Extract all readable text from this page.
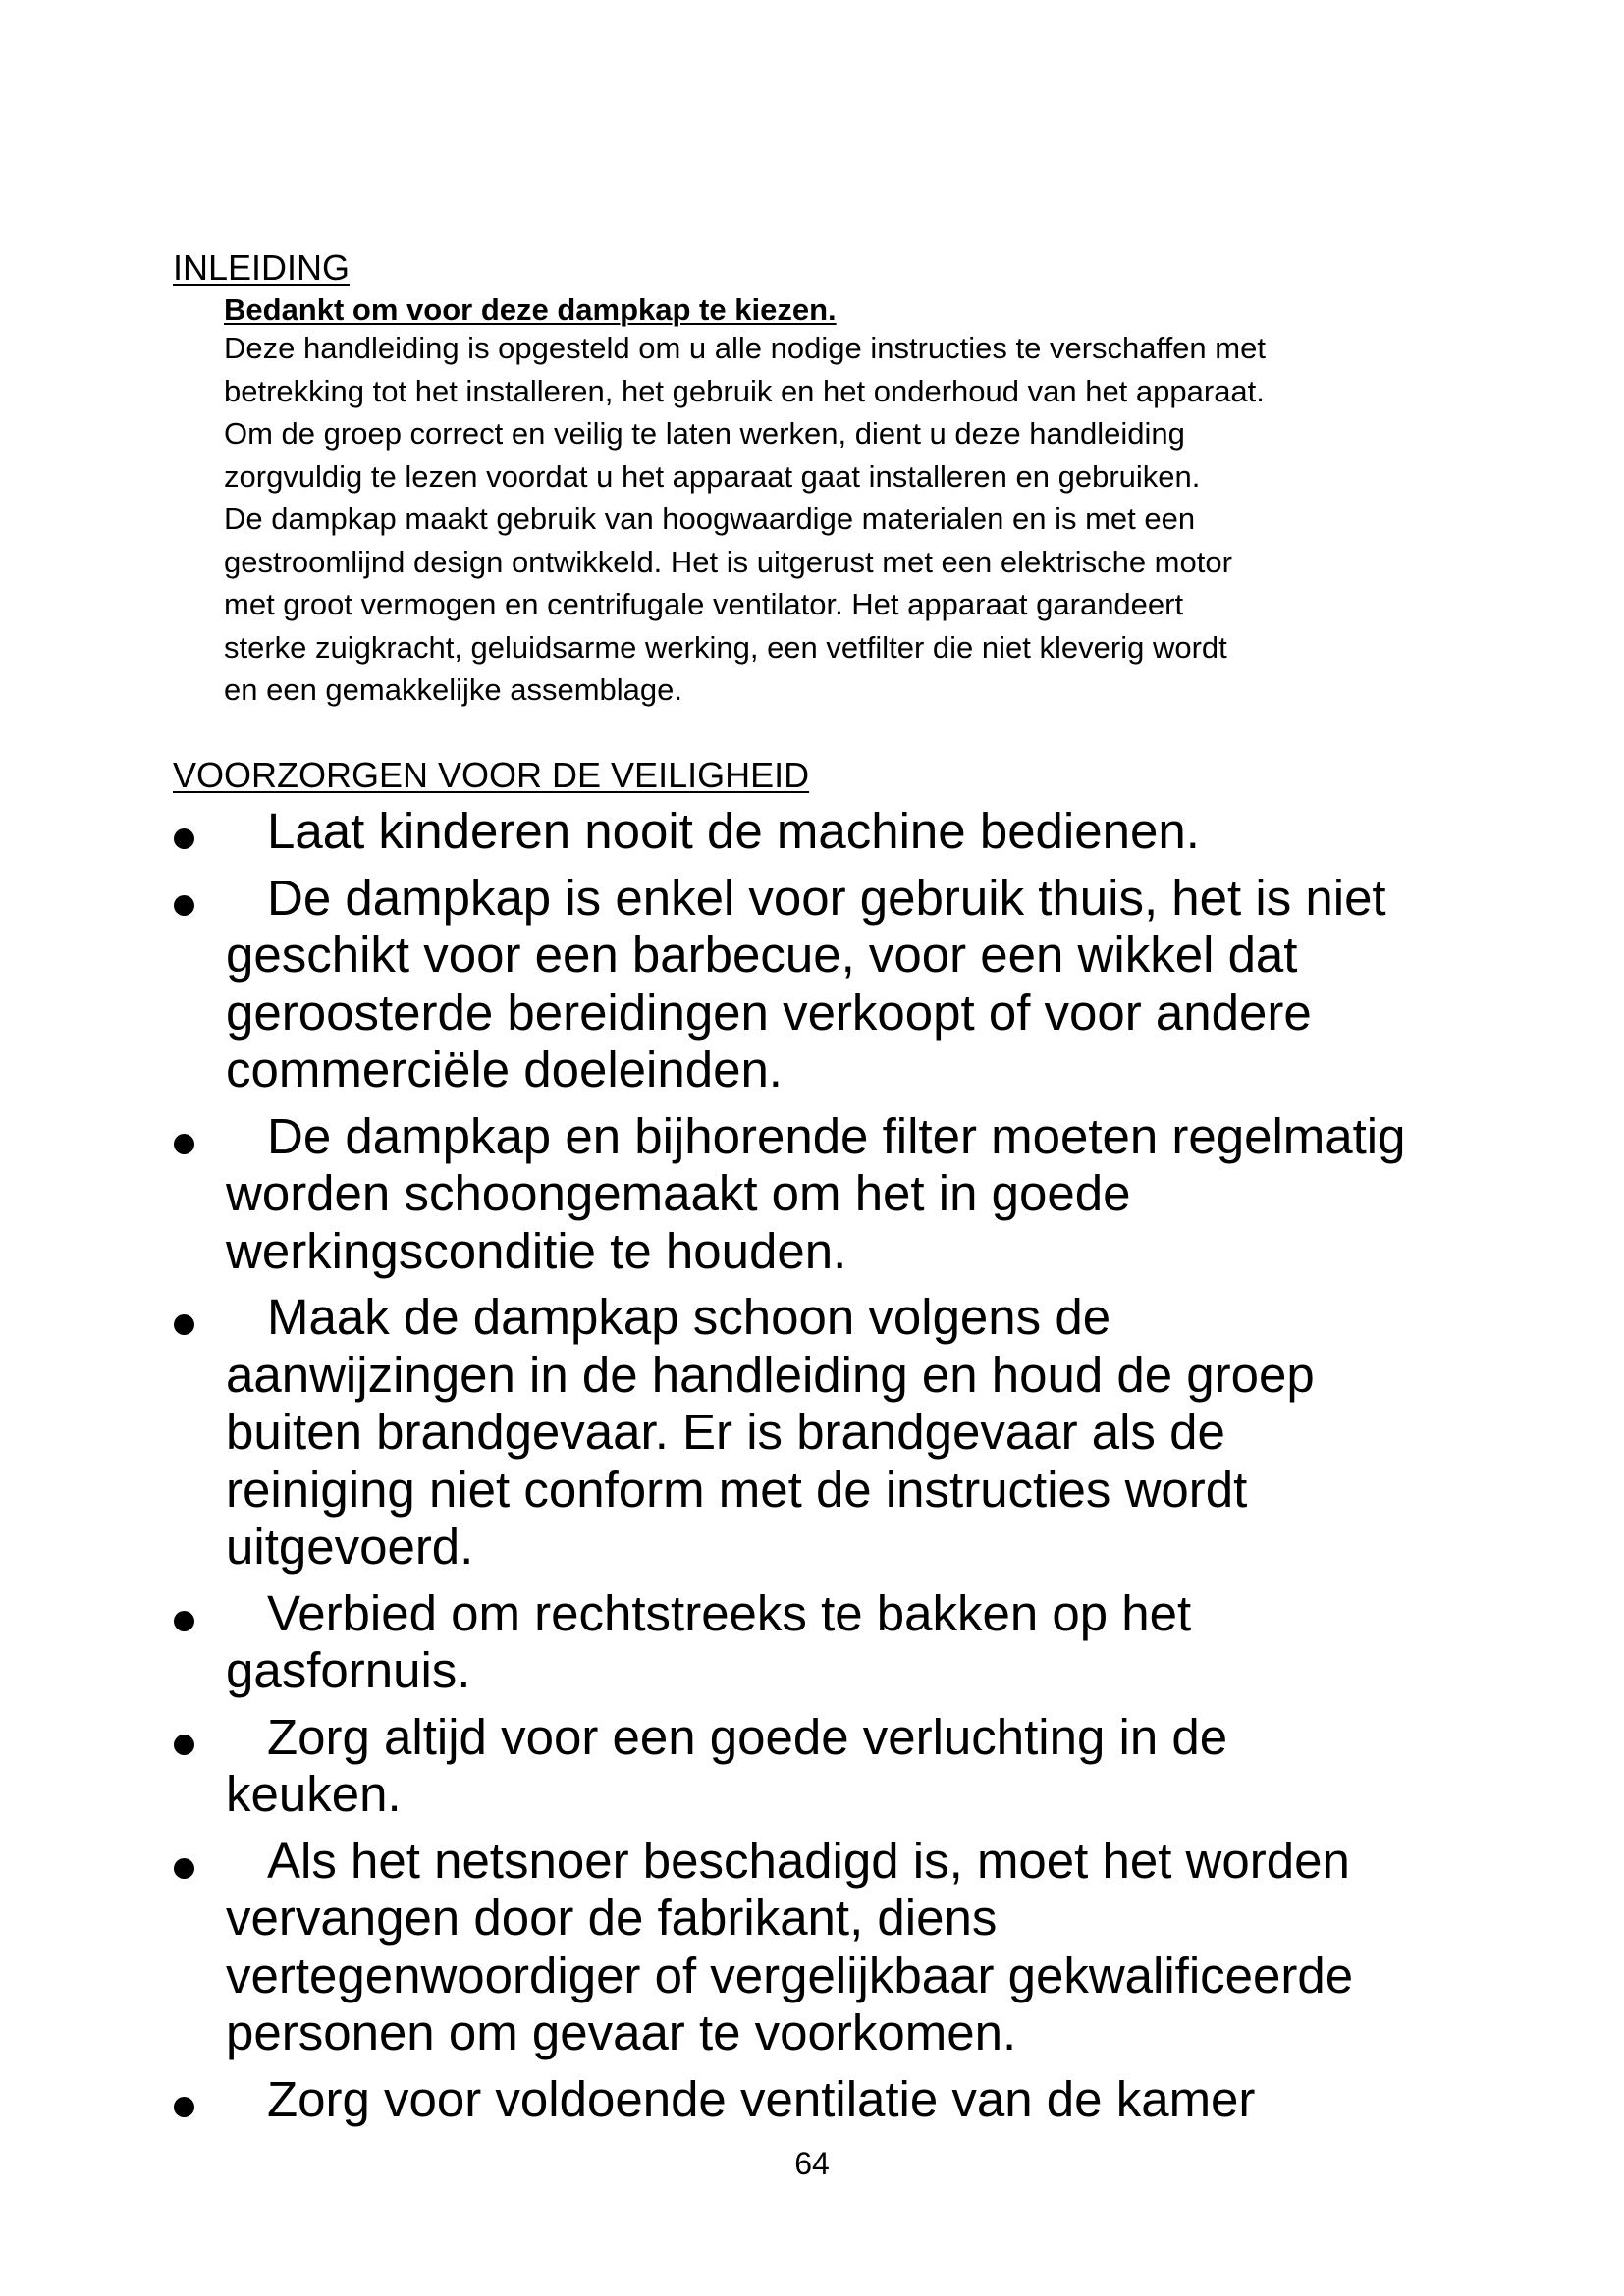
INLEIDING

Bedankt om voor deze dampkap te kiezen.

Deze handleiding is opgesteld om u alle nodige instructies te verschaffen met
betrekking tot het installeren, het gebruik en het onderhoud van het apparaat.
Om de groep correct en veilig te laten werken, dient u deze handleiding
zorgvuldig te lezen voordat u het apparaat gaat installeren en gebruiken.
De dampkap maakt gebruik van hoogwaardige materialen en is met een
gestroomlijnd design ontwikkeld. Het is uitgerust met een elektrische motor
met groot vermogen en centrifugale ventilator. Het apparaat garandeert
sterke zuigkracht, geluidsarme werking, een vetfilter die niet kleverig wordt
en een gemakkelijke assemblage.
VOORZORGEN VOOR DE VEILIGHEID
Laat kinderen nooit de machine bedienen.
De dampkap is enkel voor gebruik thuis, het is niet
geschikt voor een barbecue, voor een wikkel dat
geroosterde bereidingen verkoopt of voor andere
commerciële doeleinden.
De dampkap en bijhorende filter moeten regelmatig
worden schoongemaakt om het in goede
werkingsconditie te houden.
Maak de dampkap schoon volgens de
aanwijzingen in de handleiding en houd de groep
buiten brandgevaar. Er is brandgevaar als de
reiniging niet conform met de instructies wordt
uitgevoerd.
Verbied om rechtstreeks te bakken op het
gasfornuis.
Zorg altijd voor een goede verluchting in de
keuken.
Als het netsnoer beschadigd is, moet het worden
vervangen door de fabrikant, diens
vertegenwoordiger of vergelijkbaar gekwalificeerde
personen om gevaar te voorkomen.
Zorg voor voldoende ventilatie van de kamer
64
